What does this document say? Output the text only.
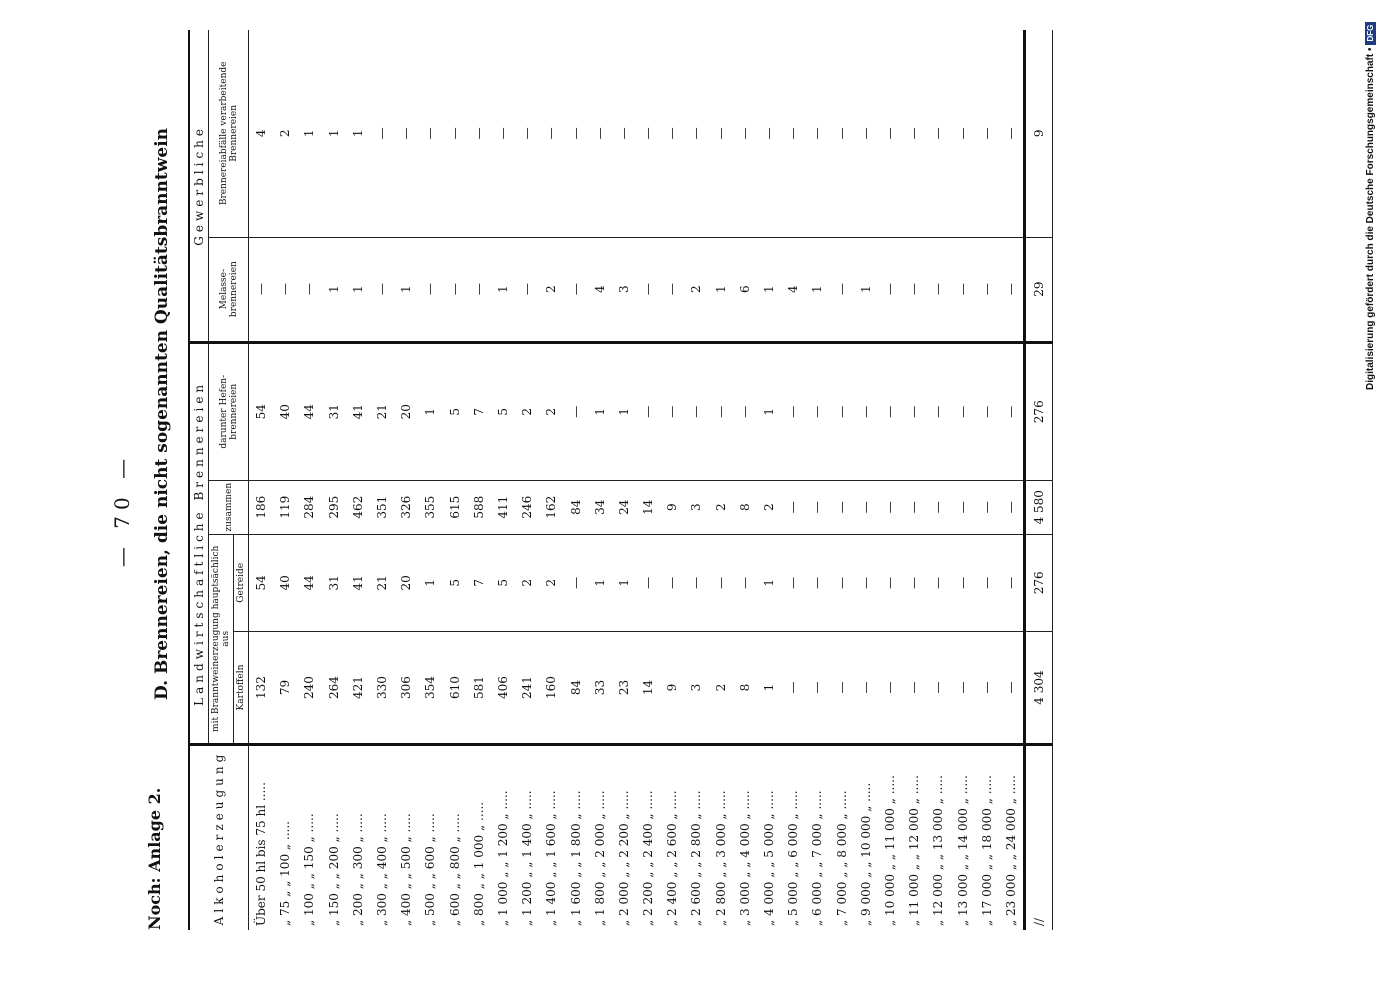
Digitalisierung gefördert durch die Deutsche Forschungsgemeinschaft •
DFG
— 70 —
Noch: Anlage 2.
D. Brennereien, die nicht sogenannten Qualitätsbranntwein
Alkoholerzeugung	Landwirtschaftliche Brennereien				Gewerbliche	
	mit Branntweinerzeugung hauptsächlich aus		zusammen	darunter Hefen- brennereien	Melasse- brennereien	Brennereiabfälle verarbeitende Brennereien
	Kartoffeln	Getreide				
Über 50 hl bis 75 hl .....	132	54	186	54	—	4
„ 75 „ „ 100 „ .....	79	40	119	40	—	2
„ 100 „ „ 150 „ .....	240	44	284	44	—	1
„ 150 „ „ 200 „ .....	264	31	295	31	1	1
„ 200 „ „ 300 „ .....	421	41	462	41	1	1
„ 300 „ „ 400 „ .....	330	21	351	21	—	—
„ 400 „ „ 500 „ .....	306	20	326	20	1	—
„ 500 „ „ 600 „ .....	354	1	355	1	—	—
„ 600 „ „ 800 „ .....	610	5	615	5	—	—
„ 800 „ „ 1 000 „ .....	581	7	588	7	—	—
„ 1 000 „ „ 1 200 „ .....	406	5	411	5	1	—
„ 1 200 „ „ 1 400 „ .....	241	2	246	2	—	—
„ 1 400 „ „ 1 600 „ .....	160	2	162	2	2	—
„ 1 600 „ „ 1 800 „ .....	84	—	84	—	—	—
„ 1 800 „ „ 2 000 „ .....	33	1	34	1	4	—
„ 2 000 „ „ 2 200 „ .....	23	1	24	1	3	—
„ 2 200 „ „ 2 400 „ .....	14	—	14	—	—	—
„ 2 400 „ „ 2 600 „ .....	9	—	9	—	—	—
„ 2 600 „ „ 2 800 „ .....	3	—	3	—	2	—
„ 2 800 „ „ 3 000 „ .....	2	—	2	—	1	—
„ 3 000 „ „ 4 000 „ .....	8	—	8	—	6	—
„ 4 000 „ „ 5 000 „ .....	1	1	2	1	1	—
„ 5 000 „ „ 6 000 „ .....	—	—	—	—	4	—
„ 6 000 „ „ 7 000 „ .....	—	—	—	—	1	—
„ 7 000 „ „ 8 000 „ .....	—	—	—	—	—	—
„ 9 000 „ „ 10 000 „ .....	—	—	—	—	1	—
„ 10 000 „ „ 11 000 „ .....	—	—	—	—	—	—
„ 11 000 „ „ 12 000 „ .....	—	—	—	—	—	—
„ 12 000 „ „ 13 000 „ .....	—	—	—	—	—	—
„ 13 000 „ „ 14 000 „ .....	—	—	—	—	—	—
„ 17 000 „ „ 18 000 „ .....	—	—	—	—	—	—
„ 23 000 „ „ 24 000 „ .....	—	—	—	—	—	—
//	4 304	276	4 580	276	29	9
